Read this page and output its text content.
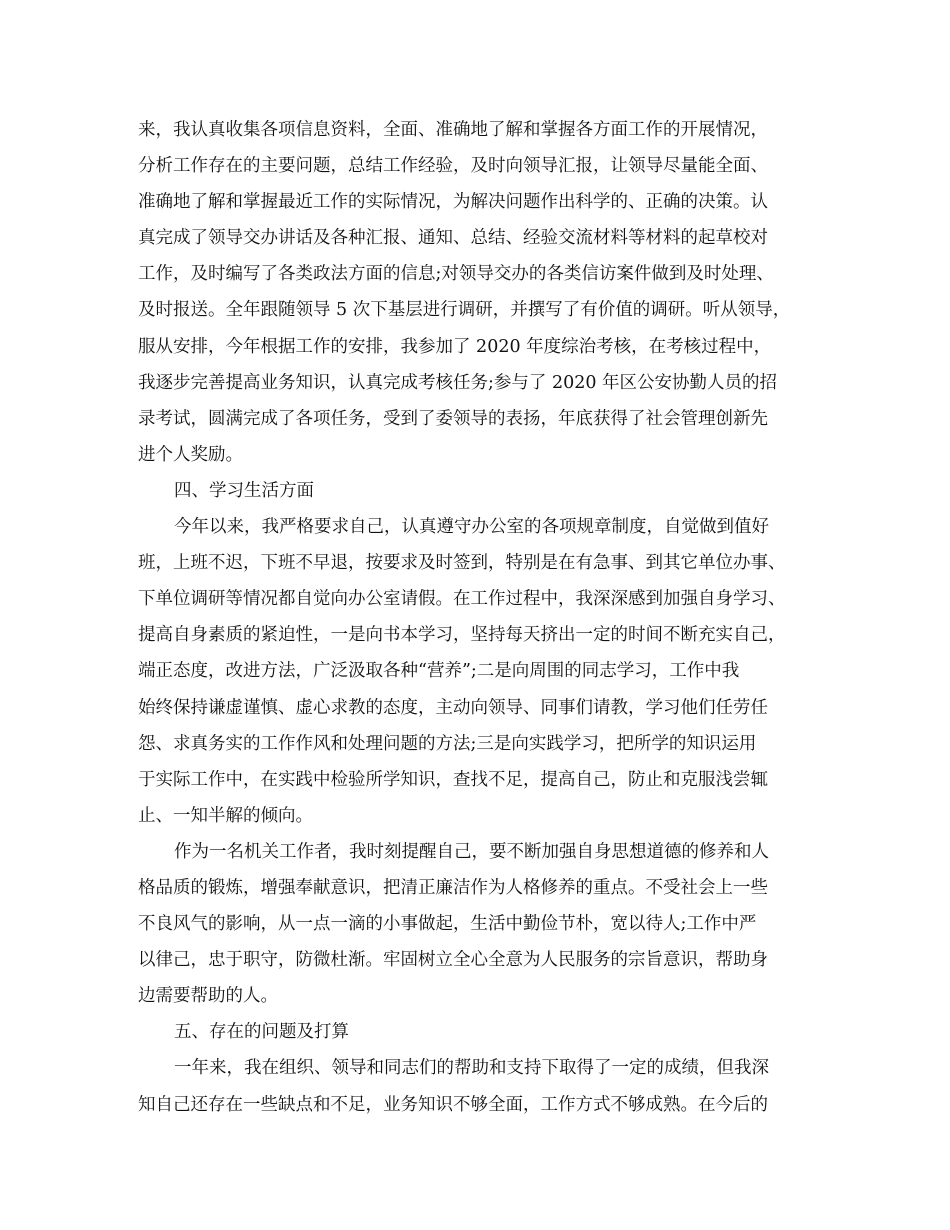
来，我认真收集各项信息资料，全面、准确地了解和掌握各方面工作的开展情况，
分析工作存在的主要问题，总结工作经验，及时向领导汇报，让领导尽量能全面、
准确地了解和掌握最近工作的实际情况，为解决问题作出科学的、正确的决策。认
真完成了领导交办讲话及各种汇报、通知、总结、经验交流材料等材料的起草校对
工作，及时编写了各类政法方面的信息;对领导交办的各类信访案件做到及时处理、
及时报送。全年跟随领导 5 次下基层进行调研，并撰写了有价值的调研。听从领导，
服从安排，今年根据工作的安排，我参加了 2020 年度综治考核，在考核过程中，
我逐步完善提高业务知识，认真完成考核任务;参与了 2020 年区公安协勤人员的招
录考试，圆满完成了各项任务，受到了委领导的表扬，年底获得了社会管理创新先
进个人奖励。
四、学习生活方面
今年以来，我严格要求自己，认真遵守办公室的各项规章制度，自觉做到值好
班，上班不迟，下班不早退，按要求及时签到，特别是在有急事、到其它单位办事、
下单位调研等情况都自觉向办公室请假。在工作过程中，我深深感到加强自身学习、
提高自身素质的紧迫性，一是向书本学习，坚持每天挤出一定的时间不断充实自己，
端正态度，改进方法，广泛汲取各种“营养”;二是向周围的同志学习，工作中我
始终保持谦虚谨慎、虚心求教的态度，主动向领导、同事们请教，学习他们任劳任
怨、求真务实的工作作风和处理问题的方法;三是向实践学习，把所学的知识运用
于实际工作中，在实践中检验所学知识，查找不足，提高自己，防止和克服浅尝辄
止、一知半解的倾向。
作为一名机关工作者，我时刻提醒自己，要不断加强自身思想道德的修养和人
格品质的锻炼，增强奉献意识，把清正廉洁作为人格修养的重点。不受社会上一些
不良风气的影响，从一点一滴的小事做起，生活中勤俭节朴，宽以待人;工作中严
以律己，忠于职守，防微杜渐。牢固树立全心全意为人民服务的宗旨意识，帮助身
边需要帮助的人。
五、存在的问题及打算
一年来，我在组织、领导和同志们的帮助和支持下取得了一定的成绩，但我深
知自己还存在一些缺点和不足，业务知识不够全面，工作方式不够成熟。在今后的
